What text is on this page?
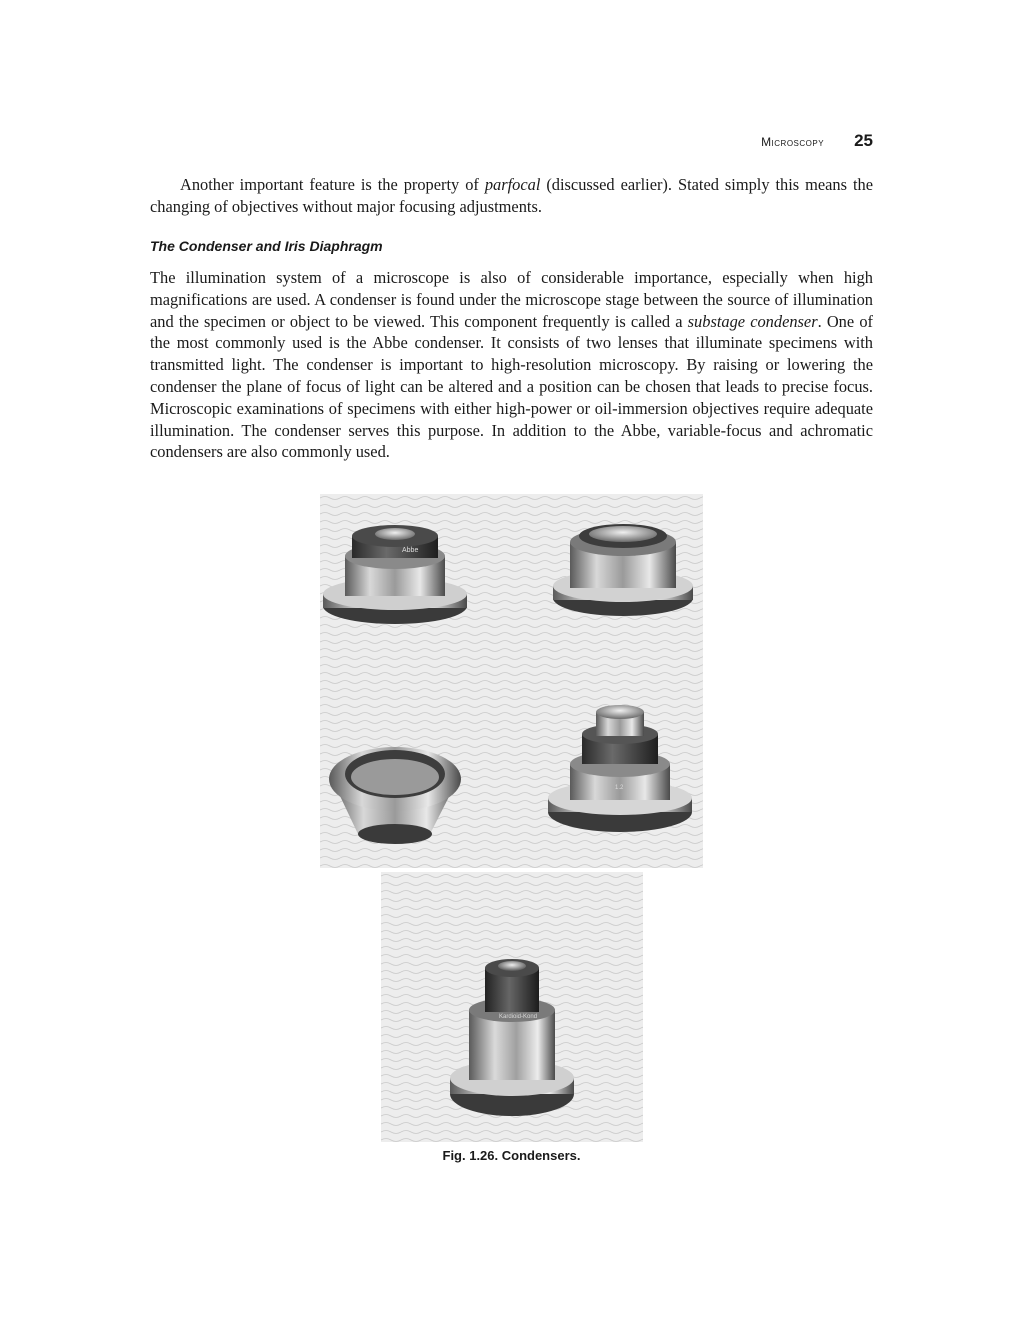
Microscopy 25
Another important feature is the property of parfocal (discussed earlier). Stated simply this means the changing of objectives without major focusing adjustments.
The Condenser and Iris Diaphragm
The illumination system of a microscope is also of considerable importance, especially when high magnifications are used. A condenser is found under the microscope stage between the source of illumination and the specimen or object to be viewed. This component frequently is called a substage condenser. One of the most commonly used is the Abbe condenser. It consists of two lenses that illuminate specimens with transmitted light. The condenser is important to high-resolution microscopy. By raising or lowering the condenser the plane of focus of light can be altered and a position can be chosen that leads to precise focus. Microscopic examinations of specimens with either high-power or oil-immersion objectives require adequate illumination. The condenser serves this purpose. In addition to the Abbe, variable-focus and achromatic condensers are also commonly used.
Abbe
1.2
Kardioid-Kond
Fig. 1.26. Condensers.
